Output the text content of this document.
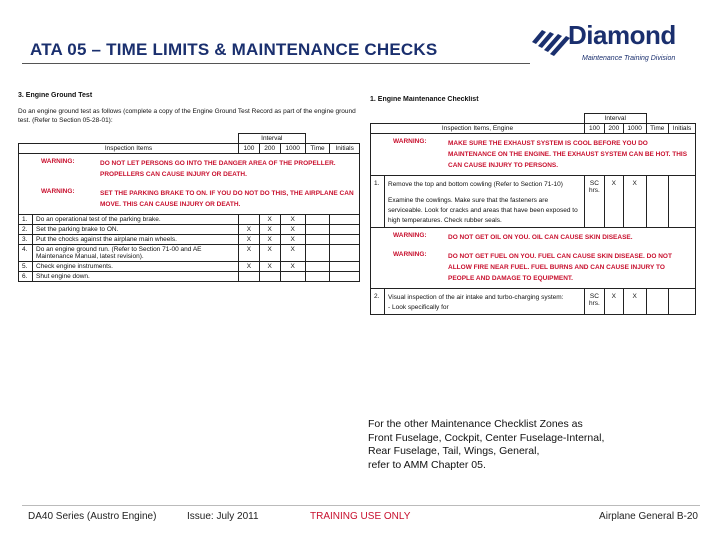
ATA 05 – TIME LIMITS & MAINTENANCE CHECKS	Diamond
Maintenance Training Division
3. Engine Ground Test
Do an engine ground test as follows (complete a copy of the Engine Ground Test Record as part of the engine ground test. (Refer to Section 05-28-01):
		Interval				
Inspection Items		100	200	1000	Time	Initials

WARNING: DO NOT LET PERSONS GO INTO THE DANGER AREA OF THE PROPELLER. PROPELLERS CAN CAUSE INJURY OR DEATH.
WARNING: SET THE PARKING BRAKE TO ON. IF YOU DO NOT DO THIS, THE AIRPLANE CAN MOVE. THIS CAN CAUSE INJURY OR DEATH.						

1.	Do an operational test of the parking brake.		X	X		
2.	Set the parking brake to ON.	X	X	X		
3.	Put the chocks against the airplane main wheels.	X	X	X		
4.	Do an engine ground run. (Refer to Section 71-00 and AE Maintenance Manual, latest revision).	X	X	X		
5.	Check engine instruments.	X	X	X		
6.	Shut engine down.					
1. Engine Maintenance Checklist
		Interval				
Inspection Items, Engine		100	200	1000	Time	Initials

WARNING: MAKE SURE THE EXHAUST SYSTEM IS COOL BEFORE YOU DO MAINTENANCE ON THE ENGINE. THE EXHAUST SYSTEM CAN BE HOT. THIS CAN CAUSE INJURY TO PERSONS.						

1.	Remove the top and bottom cowling (Refer to Section 71-10)
Examine the cowlings. Make sure that the fasteners are serviceable. Look for cracks and areas that have been exposed to high temperatures. Check rubber seals.	SC hrs.	X	X		

WARNING: DO NOT GET OIL ON YOU. OIL CAN CAUSE SKIN DISEASE.
WARNING: DO NOT GET FUEL ON YOU. FUEL CAN CAUSE SKIN DISEASE. DO NOT ALLOW FIRE NEAR FUEL. FUEL BURNS AND CAN CAUSE INJURY TO PEOPLE AND DAMAGE TO EQUIPMENT.						

2.	Visual inspection of the air intake and turbo-charging system:
- Look specifically for	SC hrs.	X	X		
For the other Maintenance Checklist Zones as
Front Fuselage, Cockpit, Center Fuselage-Internal,
Rear Fuselage, Tail, Wings, General,
refer to AMM Chapter 05.
DA40 Series (Austro Engine)	Issue: July 2011	TRAINING USE ONLY	Airplane General B-20
